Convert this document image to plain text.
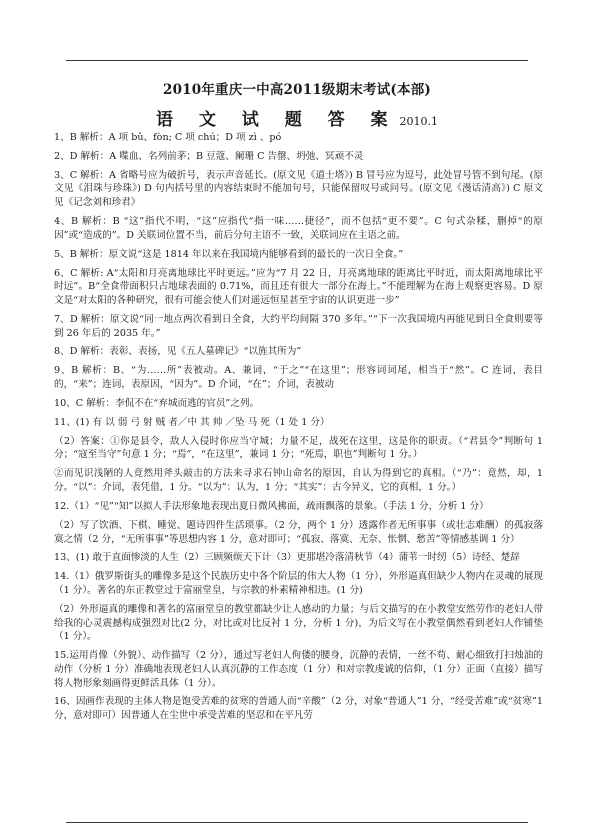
2010年重庆一中高2011级期末考试(本部)
语 文 试 题 答 案 2010.1

1、B 解析：A 项 bǔ、fòn; C 项 chú；D 项 zì 、pó

2、D 解析：A 喋血、名列前茅；B 豆蔻、阑珊 C 告罄、坍弛、冥顽不灵

3、C 解析：A 省略号应为破折号，表示声音延长。(原文见《道士塔》) B 冒号应为逗号，此处冒号管不到句尾。(原文见《泪珠与珍珠》) D 句内括号里的内容结束时不能加句号，只能保留叹号或问号。(原文见《漫话清高》) C 原文见《记念刘和珍君》

4、B 解析：B “这”指代不明，“这”应指代“指一味……捷径”，而不包括“更不要”。C 句式杂糅，删掉“的原因”或“造成的”。D 关联词位置不当，前后分句主语不一致，关联词应在主语之前。

5、B 解析：原文说“这是 1814 年以来在我国境内能够看到的最长的一次日全食。”

6、C 解析: A“太阳和月亮离地球比平时更远。”应为“7 月 22 日，月亮离地球的距离比平时近，而太阳离地球比平时远”。B“全食带面积只占地球表面的 0.71%，而且还有很大一部分在海上。”不能理解为在海上观察更容易。D 原文是“对太阳的各种研究，很有可能会使人们对遥远恒星甚至宇宙的认识更进一步”

7、D 解析：原文说“同一地点两次看到日全食，大约平均间隔 370 多年。”“下一次我国境内再能见到日全食则要等到 26 年后的 2035 年。”

8、D 解析：表彰、表扬，见《五人墓碑记》“以旌其所为”

9、B 解析：B、“为……所”表被动。A、兼词，“于之”“在这里”；形容词词尾，相当于“然”。C 连词，表目的，“来”；连词，表原因，“因为”。D 介词，“在”；介词，表被动

10、C 解析：李侃不在“弃城而逃的官员”之列。

11、(1) 有 以 弱 弓 射 贼 者／中 其 帅 ／坠 马 死（1 处 1 分）

（2）答案：①你是县令，敌人入侵时你应当守城；力量不足，战死在这里，这是你的职责。（“君县令”判断句 1 分；“寇至当守”句意 1 分；“焉”，“在这里”，兼词 1 分；“死焉，职也”判断句 1 分。）

②而见识浅陋的人竟然用斧头敲击的方法来寻求石钟山命名的原因，自认为得到它的真相。（“乃”：竟然，却，1 分。“以”：介词，表凭借，1 分。“以为”：认为，1 分；“其实”：古今异义，它的真相，1 分。）

12.（1）“见”“知”以拟人手法形象地表现出夏日微风拂面，疏雨飘落的景象。（手法 1 分，分析 1 分）

（2）写了饮酒、下棋、睡觉、题诗四件生活琐事。（2 分，两个 1 分）透露作者无所事事（或壮志难酬）的孤寂落寞之情（2 分，“无所事事”等思想内容 1 分，意对即可；“孤寂、落寞、无奈、怅惘、愁苦”等情感基调 1 分）

13、(1) 敢于直面惨淡的人生（2）三顾频烦天下计（3）更那堪冷落清秋节（4）蒲苇一时纫（5）诗经、楚辞

14.（1）俄罗斯街头的雕像多是这个民族历史中各个阶层的伟大人物（1 分），外形逼真但缺少人物内在灵魂的展现（1 分）。著名的东正教堂过于富丽堂皇，与宗教的朴素精神相违。(1 分)

（2）外形逼真的雕像和著名的富丽堂皇的教堂都缺少让人感动的力量；与后文描写的在小教堂安然劳作的老妇人带给我的心灵震撼构成强烈对比(2 分，对比或对比反衬 1 分，分析 1 分)，为后文写在小教堂偶然看到老妇人作铺垫（1 分）。

15.运用肖像（外貌）、动作描写（2 分），通过写老妇人佝偻的腰身，沉静的表情，一丝不苟、耐心细致打扫烛油的动作（分析 1 分）准确地表现老妇人认真沉静的工作态度（1 分）和对宗教虔诚的信仰，（1 分）正面（直接）描写将人物形象刻画得更鲜活具体（1 分）。

16、因画作表现的主体人物是饱受苦难的贫寒的普通人而“辛酸”（2 分，对象“普通人”1 分，“经受苦难”或“贫寒”1 分，意对即可）因普通人在尘世中承受苦难的坚忍和在平凡劳
